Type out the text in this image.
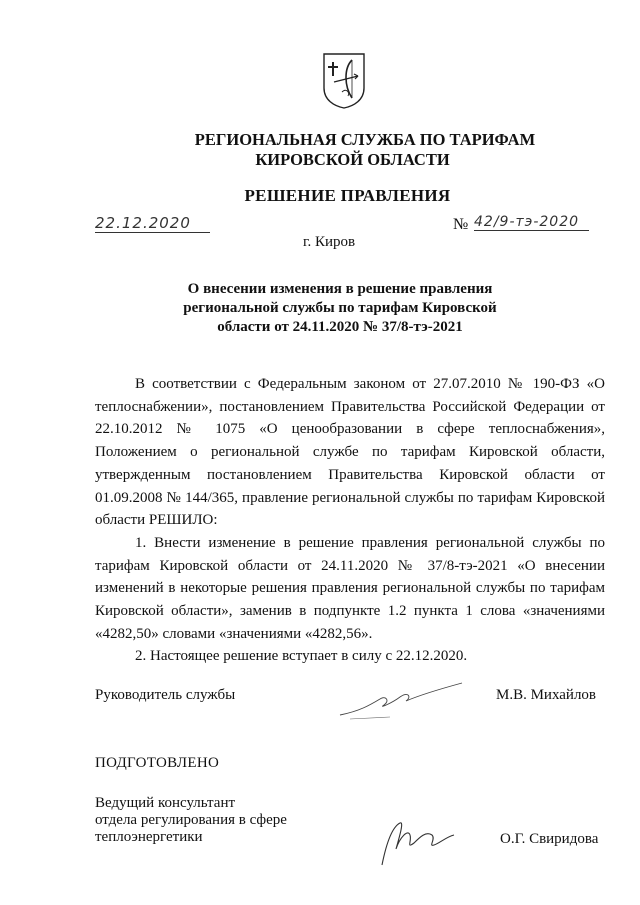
РЕГИОНАЛЬНАЯ СЛУЖБА ПО ТАРИФАМ
КИРОВСКОЙ ОБЛАСТИ
РЕШЕНИЕ ПРАВЛЕНИЯ
22.12.2020	№ 42/9-тэ-2020
г. Киров
О внесении изменения в решение правления
региональной службы по тарифам Кировской
области от 24.11.2020 № 37/8-тэ-2021

В соответствии с Федеральным законом от 27.07.2010 № 190-ФЗ «О теплоснабжении», постановлением Правительства Российской Федерации от 22.10.2012 № 1075 «О ценообразовании в сфере теплоснабжения», Положением о региональной службе по тарифам Кировской области, утвержденным постановлением Правительства Кировской области от 01.09.2008 № 144/365, правление региональной службы по тарифам Кировской области РЕШИЛО:

1. Внести изменение в решение правления региональной службы по тарифам Кировской области от 24.11.2020 № 37/8-тэ-2021 «О внесении изменений в некоторые решения правления региональной службы по тарифам Кировской области», заменив в подпункте 1.2 пункта 1 слова «значениями «4282,50» словами «значениями «4282,56».

2. Настоящее решение вступает в силу с 22.12.2020.

Руководитель службы	М.В. Михайлов
ПОДГОТОВЛЕНО
Ведущий консультант
отдела регулирования в сфере
теплоэнергетики	О.Г. Свиридова
